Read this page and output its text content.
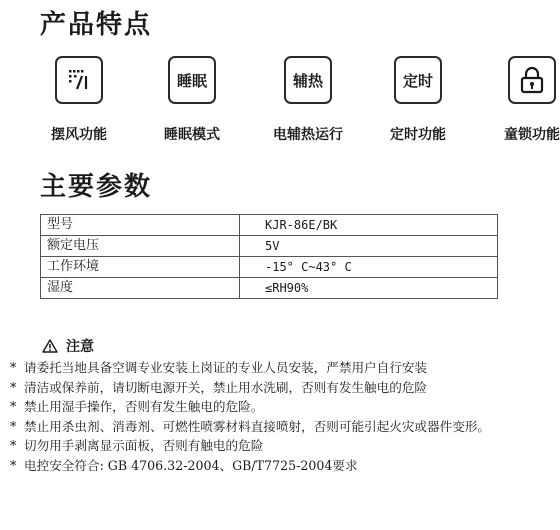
产品特点
摆风功能
睡眠
睡眠模式
辅热
电辅热运行
定时
定时功能	童锁功能
主要参数
型号	KJR-86E/BK
额定电压	5V
工作环境	-15° C~43° C
湿度	≤RH90%
注意
* 请委托当地具备空调专业安装上岗证的专业人员安装，严禁用户自行安装
* 清洁或保养前，请切断电源开关，禁止用水洗刷，否则有发生触电的危险
* 禁止用湿手操作，否则有发生触电的危险。
* 禁止用杀虫剂、消毒剂、可燃性喷雾材料直接喷射，否则可能引起火灾或器件变形。
* 切勿用手剥离显示面板，否则有触电的危险
* 电控安全符合: GB 4706.32-2004、GB/T7725-2004要求
